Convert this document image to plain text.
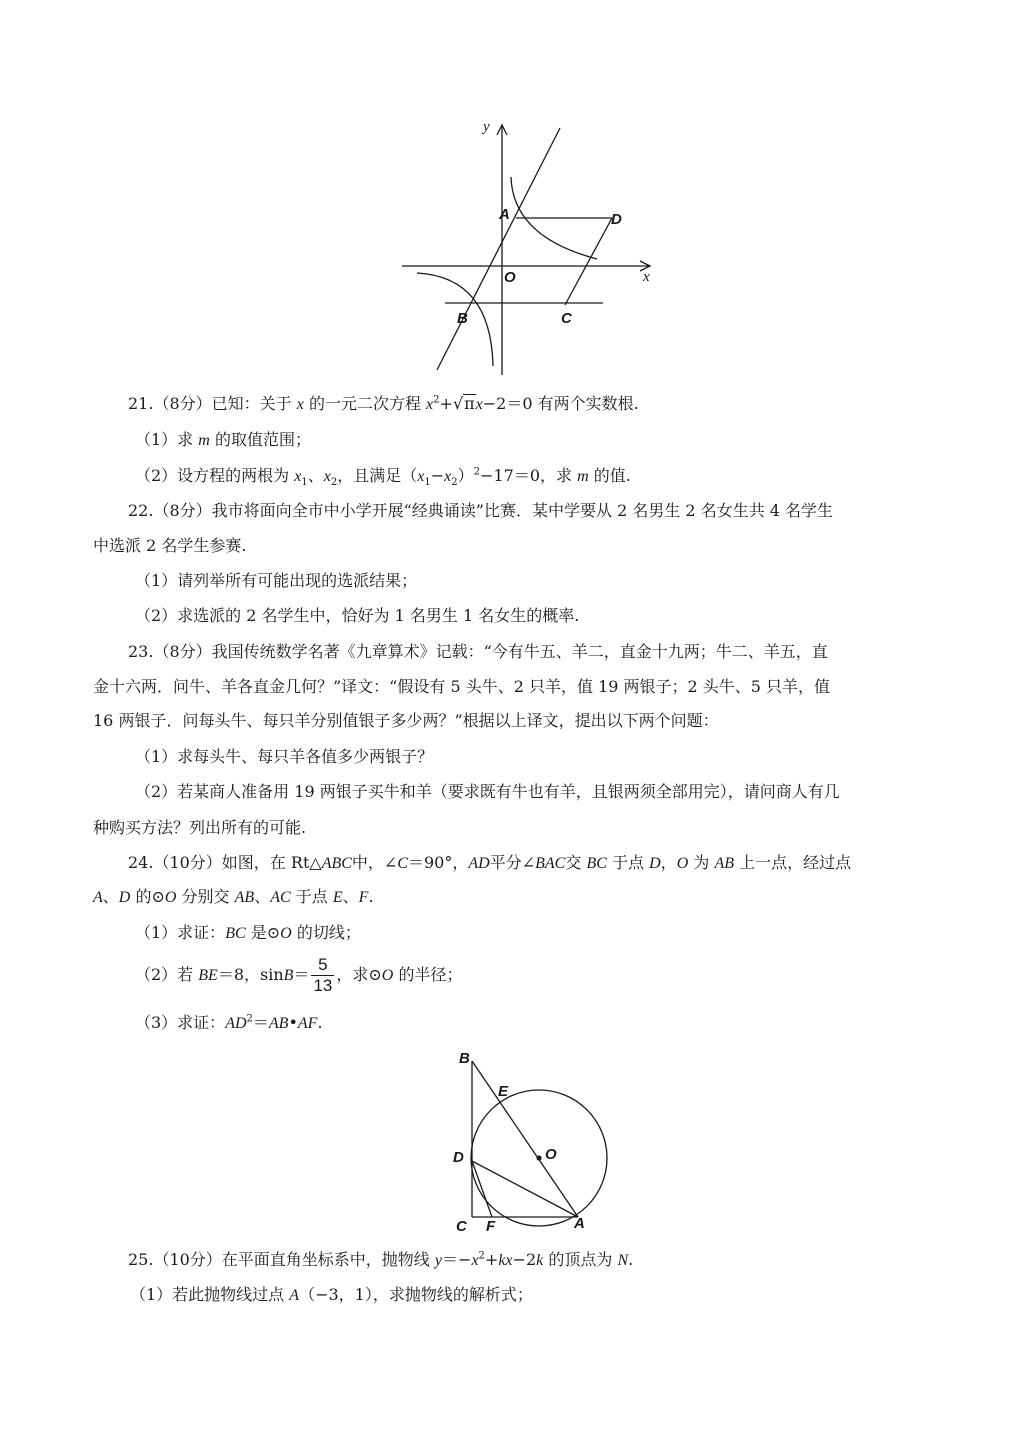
y
x
O
A	D
B	C
21.（8分）已知：关于 x 的一元二次方程 $x^2+√\pi x-2=0$ 有两个实数根.
（1）求 m 的取值范围；
（2）设方程的两根为 $x_1$、$x_2$，且满足$(x_1-x_2)^2-17=0$，求 m 的值.
22.（8分）我市将面向全市中小学开展“经典诵读”比赛．某中学要从 2 名男生 2 名女生共 4 名学生
中选派 2 名学生参赛.
（1）请列举所有可能出现的选派结果；
（2）求选派的 2 名学生中，恰好为 1 名男生 1 名女生的概率.
23.（8分）我国传统数学名著《九章算术》记载：“今有牛五、羊二，直金十九两；牛二、羊五，直
金十六两．问牛、羊各直金几何？”译文：“假设有 5 头牛、2 只羊，值 19 两银子；2 头牛、5 只羊，值
16 两银子．问每头牛、每只羊分别值银子多少两？”根据以上译文，提出以下两个问题：
（1）求每头牛、每只羊各值多少两银子？
（2）若某商人准备用 19 两银子买牛和羊（要求既有牛也有羊，且银两须全部用完），请问商人有几
种购买方法？列出所有的可能.
24.（10分）如图，在 Rt△ABC中，∠C＝90°，AD平分∠BAC交 BC 于点 D，O 为 AB 上一点，经过点
A、D 的⊙O 分别交 AB、AC 于点 E、F.
（1）求证：BC 是⊙O 的切线；
（2）若 BE＝8，$\sin B= \frac{5}{13}$ ，求⊙O 的半径；
（3）求证：$AD^2=AB•AF$.
B
E
O
D
C F	A
25.（10分）在平面直角坐标系中，抛物线 $y=-x^2+kx-2k$ 的顶点为 N.
（1）若此抛物线过点 A（−3，1），求抛物线的解析式；
